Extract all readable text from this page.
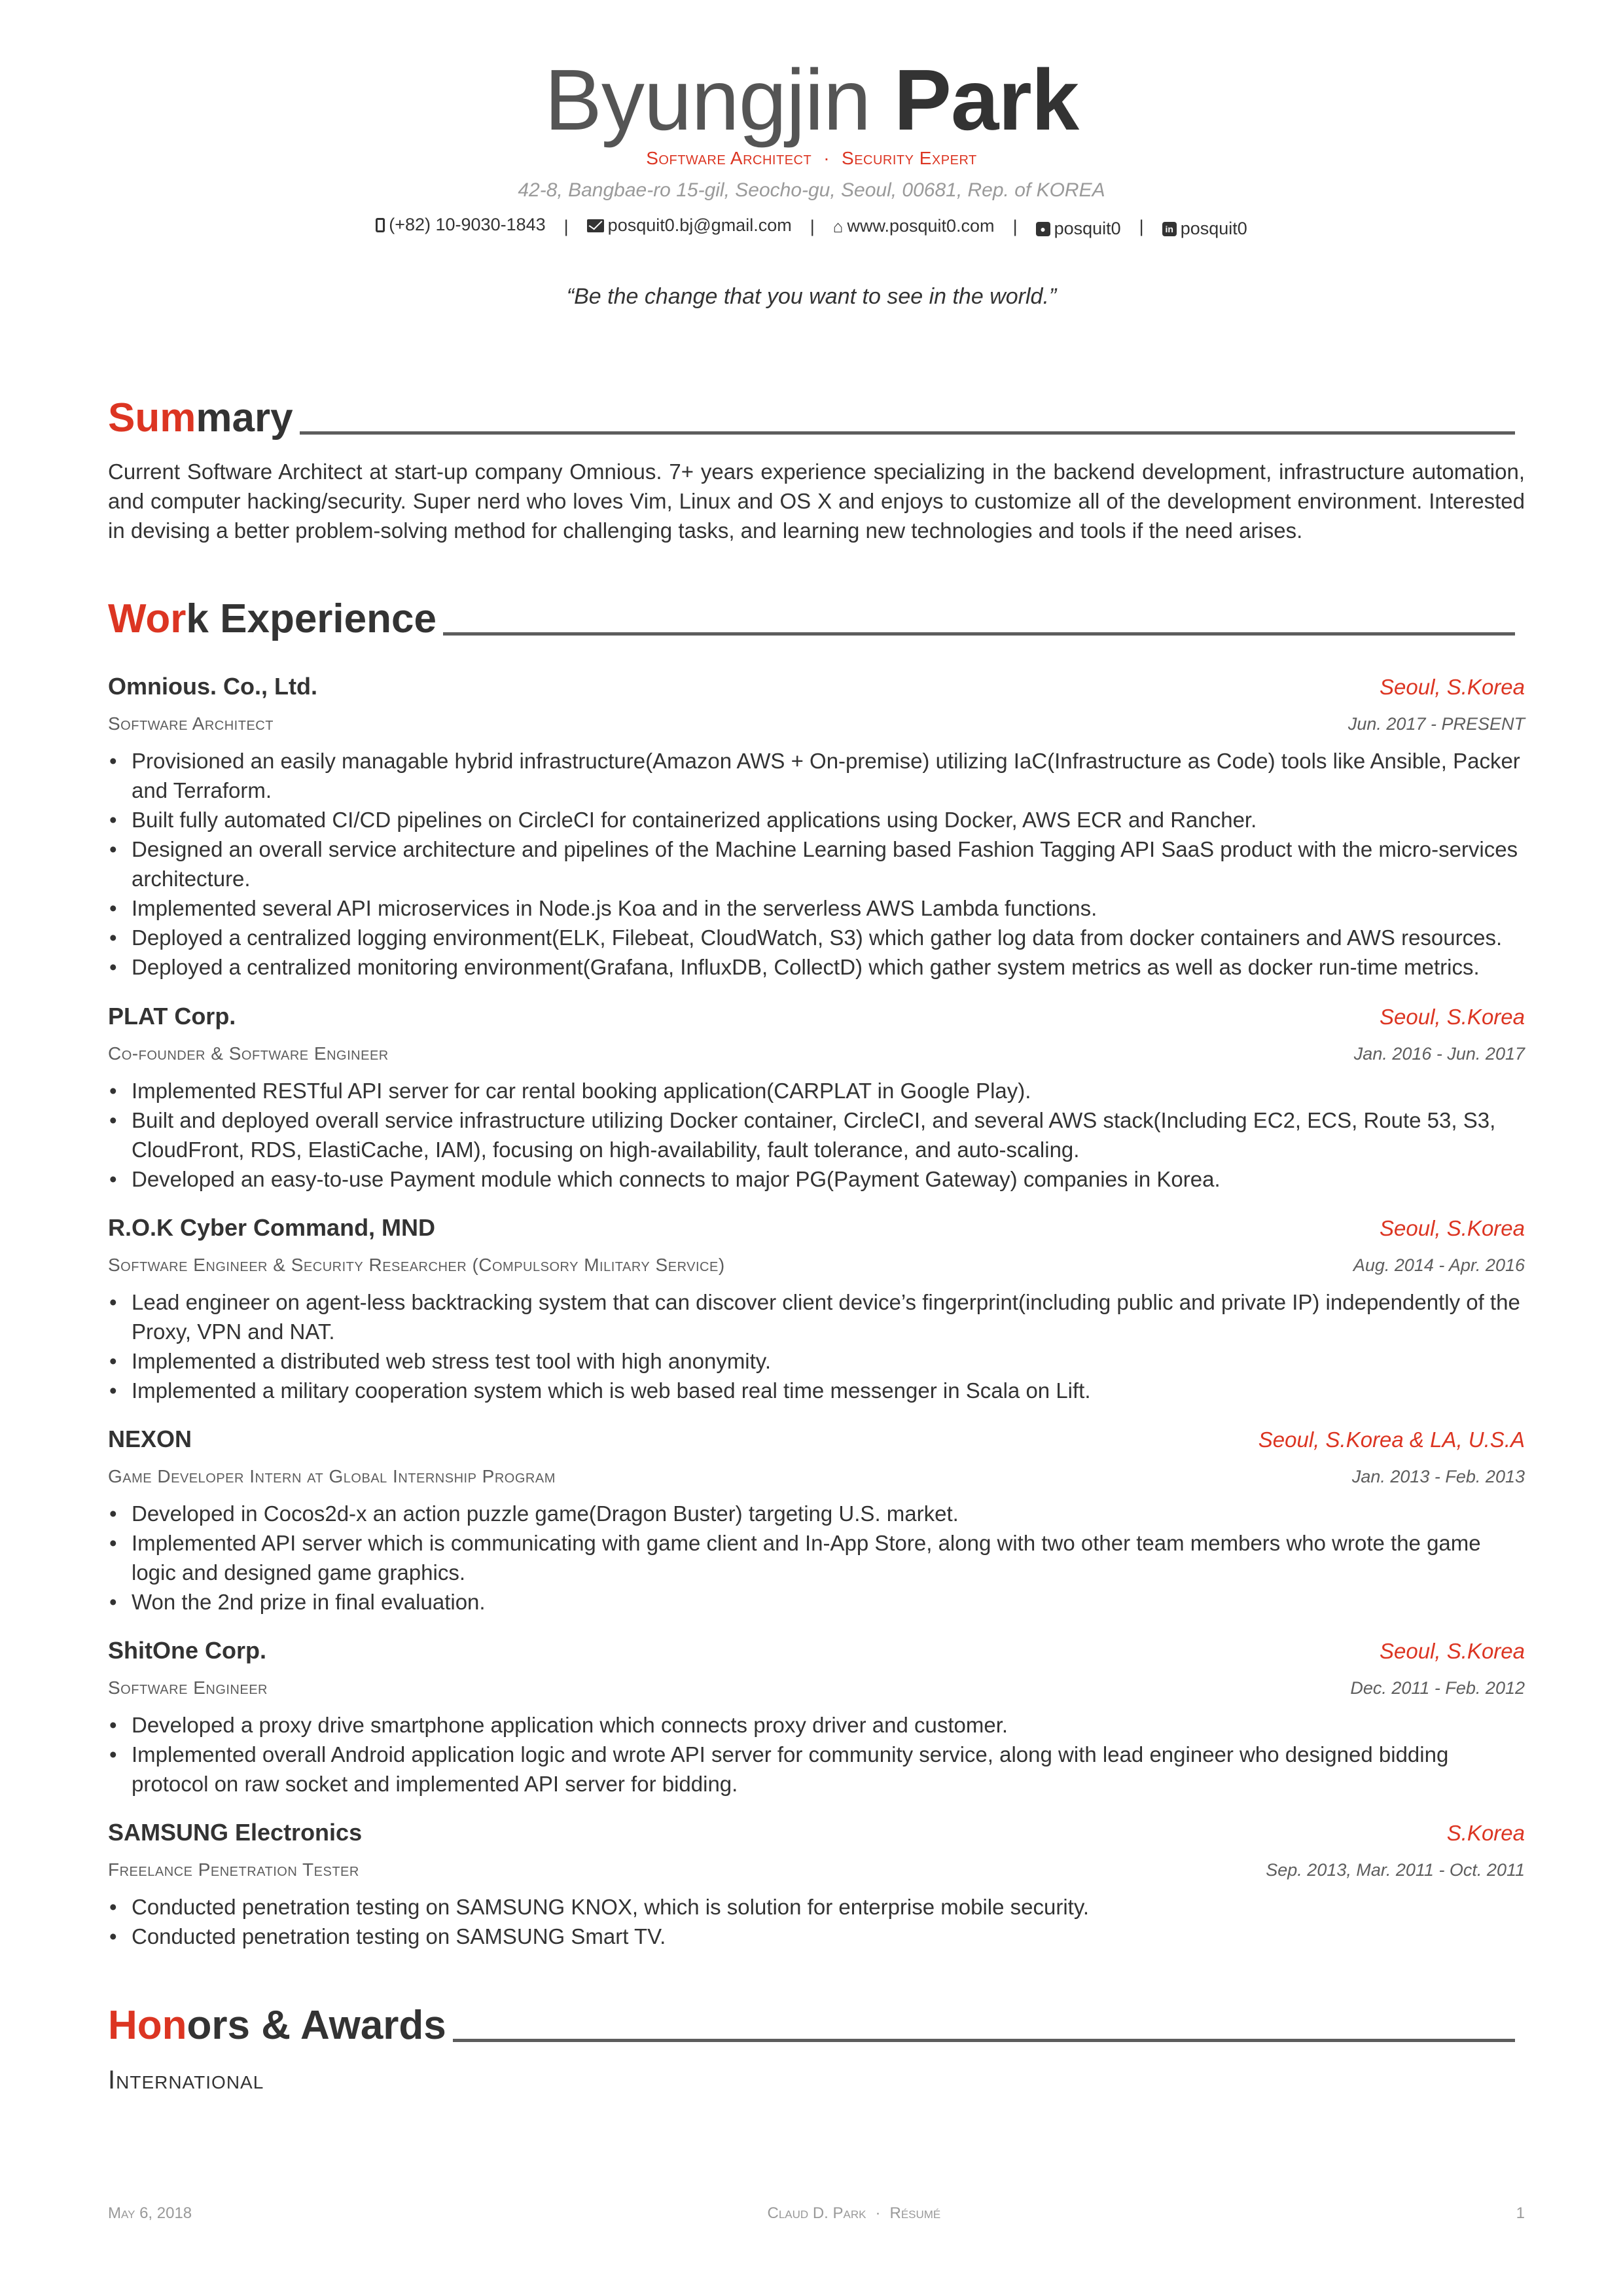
Byungjin Park
Software Architect · Security Expert
42-8, Bangbae-ro 15-gil, Seocho-gu, Seoul, 00681, Rep. of KOREA
(+82) 10-9030-1843 | posquit0.bj@gmail.com | ⌂ www.posquit0.com |	● posquit0 |	in posquit0
“Be the change that you want to see in the world.”
Summary
Current Software Architect at start-up company Omnious. 7+ years experience specializing in the backend development, infrastructure automation, and computer hacking/security. Super nerd who loves Vim, Linux and OS X and enjoys to customize all of the development environment. Interested in devising a better problem-solving method for challenging tasks, and learning new technologies and tools if the need arises.
Work Experience
Omnious. Co., Ltd.	Seoul, S.Korea
Software Architect	Jun. 2017 - PRESENT
• Provisioned an easily managable hybrid infrastructure(Amazon AWS + On-premise) utilizing IaC(Infrastructure as Code) tools like Ansible, Packer and Terraform.
• Built fully automated CI/CD pipelines on CircleCI for containerized applications using Docker, AWS ECR and Rancher.
• Designed an overall service architecture and pipelines of the Machine Learning based Fashion Tagging API SaaS product with the micro-services architecture.
• Implemented several API microservices in Node.js Koa and in the serverless AWS Lambda functions.
• Deployed a centralized logging environment(ELK, Filebeat, CloudWatch, S3) which gather log data from docker containers and AWS resources.
• Deployed a centralized monitoring environment(Grafana, InfluxDB, CollectD) which gather system metrics as well as docker run-time metrics.
PLAT Corp.	Seoul, S.Korea
Co-founder & Software Engineer	Jan. 2016 - Jun. 2017
• Implemented RESTful API server for car rental booking application(CARPLAT in Google Play).
• Built and deployed overall service infrastructure utilizing Docker container, CircleCI, and several AWS stack(Including EC2, ECS, Route 53, S3, CloudFront, RDS, ElastiCache, IAM), focusing on high-availability, fault tolerance, and auto-scaling.
• Developed an easy-to-use Payment module which connects to major PG(Payment Gateway) companies in Korea.
R.O.K Cyber Command, MND	Seoul, S.Korea
Software Engineer & Security Researcher (Compulsory Military Service)	Aug. 2014 - Apr. 2016
• Lead engineer on agent-less backtracking system that can discover client device’s fingerprint(including public and private IP) independently of the Proxy, VPN and NAT.
• Implemented a distributed web stress test tool with high anonymity.
• Implemented a military cooperation system which is web based real time messenger in Scala on Lift.
NEXON	Seoul, S.Korea & LA, U.S.A
Game Developer Intern at Global Internship Program	Jan. 2013 - Feb. 2013
• Developed in Cocos2d-x an action puzzle game(Dragon Buster) targeting U.S. market.
• Implemented API server which is communicating with game client and In-App Store, along with two other team members who wrote the game logic and designed game graphics.
• Won the 2nd prize in final evaluation.
ShitOne Corp.	Seoul, S.Korea
Software Engineer	Dec. 2011 - Feb. 2012
• Developed a proxy drive smartphone application which connects proxy driver and customer.
• Implemented overall Android application logic and wrote API server for community service, along with lead engineer who designed bidding protocol on raw socket and implemented API server for bidding.
SAMSUNG Electronics	S.Korea
Freelance Penetration Tester	Sep. 2013, Mar. 2011 - Oct. 2011
• Conducted penetration testing on SAMSUNG KNOX, which is solution for enterprise mobile security.
• Conducted penetration testing on SAMSUNG Smart TV.
Honors & Awards
International
May 6, 2018	Claud D. Park · Résumé	1
